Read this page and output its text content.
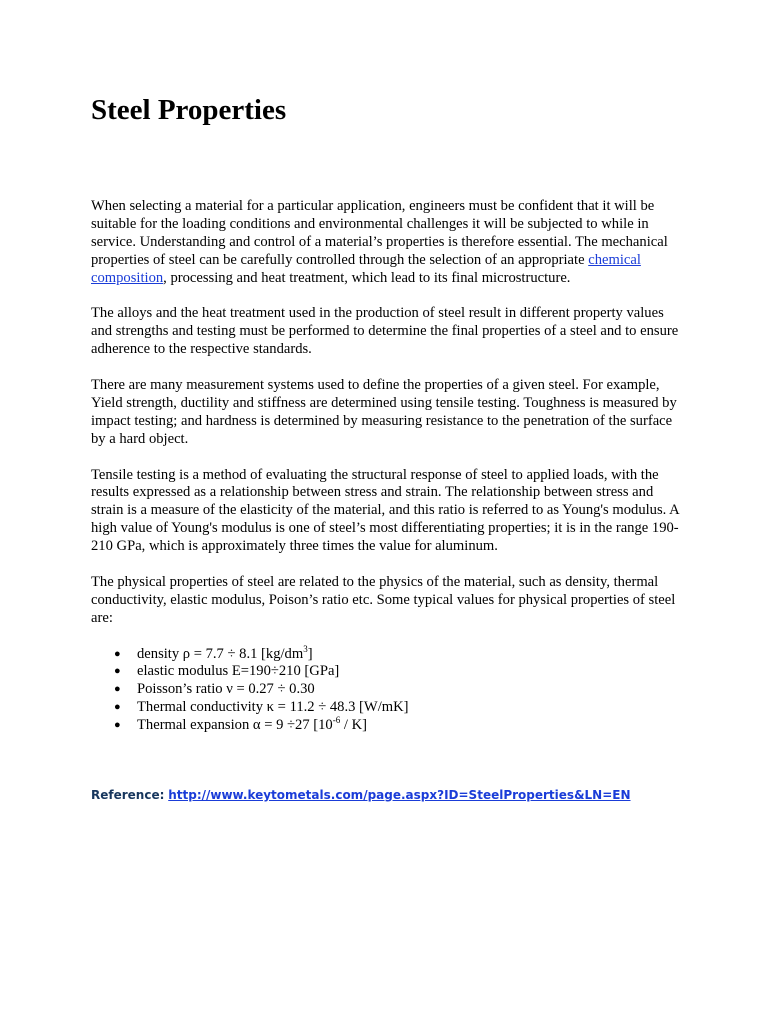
Steel Properties

When selecting a material for a particular application, engineers must be confident that it will be suitable for the loading conditions and environmental challenges it will be subjected to while in service. Understanding and control of a material’s properties is therefore essential. The mechanical properties of steel can be carefully controlled through the selection of an appropriate chemical composition, processing and heat treatment, which lead to its final microstructure.

The alloys and the heat treatment used in the production of steel result in different property values and strengths and testing must be performed to determine the final properties of a steel and to ensure adherence to the respective standards.

There are many measurement systems used to define the properties of a given steel. For example, Yield strength, ductility and stiffness are determined using tensile testing. Toughness is measured by impact testing; and hardness is determined by measuring resistance to the penetration of the surface by a hard object.

Tensile testing is a method of evaluating the structural response of steel to applied loads, with the results expressed as a relationship between stress and strain. The relationship between stress and strain is a measure of the elasticity of the material, and this ratio is referred to as Young's modulus. A high value of Young's modulus is one of steel’s most differentiating properties; it is in the range 190-210 GPa, which is approximately three times the value for aluminum.

The physical properties of steel are related to the physics of the material, such as density, thermal conductivity, elastic modulus, Poison’s ratio etc. Some typical values for physical properties of steel are:

● density ρ = 7.7 ÷ 8.1 $[kg/dm^3]$
● elastic modulus E=190÷210 [GPa]
● Poisson’s ratio ν = 0.27 ÷ 0.30
● Thermal conductivity κ = 11.2 ÷ 48.3 [W/mK]
● Thermal expansion α = 9 ÷27 $[10^{-6} / K]$
Reference: http://www.keytometals.com/page.aspx?ID=SteelProperties&LN=EN
